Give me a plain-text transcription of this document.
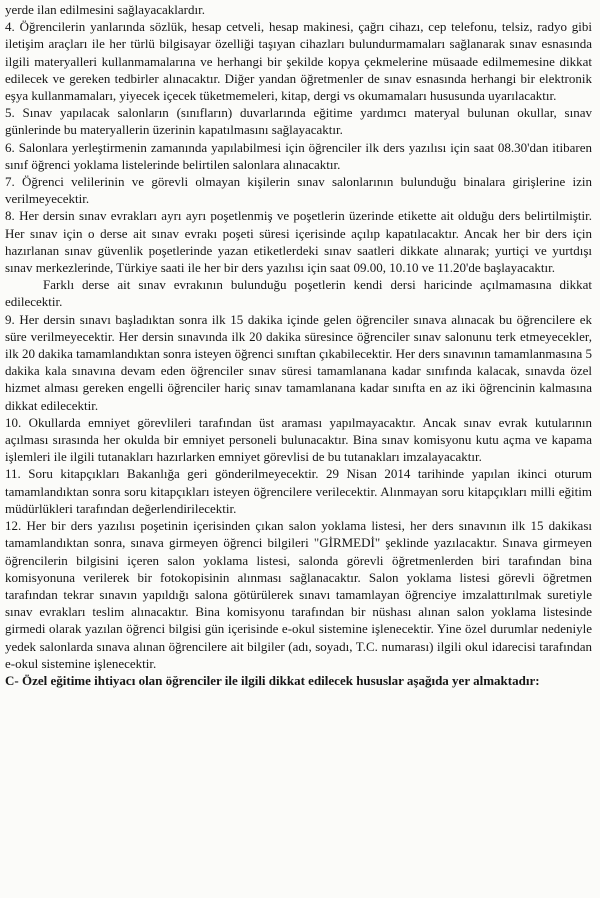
yerde ilan edilmesini sağlayacaklardır.

4. Öğrencilerin yanlarında sözlük, hesap cetveli, hesap makinesi, çağrı cihazı, cep telefonu, telsiz, radyo gibi iletişim araçları ile her türlü bilgisayar özelliği taşıyan cihazları bulundurmamaları sağlanarak sınav esnasında ilgili materyalleri kullanmamalarına ve herhangi bir şekilde kopya çekmelerine müsaade edilmemesine dikkat edilecek ve gereken tedbirler alınacaktır. Diğer yandan öğretmenler de sınav esnasında herhangi bir elektronik eşya kullanmamaları, yiyecek içecek tüketmemeleri, kitap, dergi vs okumamaları hususunda uyarılacaktır.

5. Sınav yapılacak salonların (sınıfların) duvarlarında eğitime yardımcı materyal bulunan okullar, sınav günlerinde bu materyallerin üzerinin kapatılmasını sağlayacaktır.

6. Salonlara yerleştirmenin zamanında yapılabilmesi için öğrenciler ilk ders yazılısı için saat 08.30'dan itibaren sınıf öğrenci yoklama listelerinde belirtilen salonlara alınacaktır.

7. Öğrenci velilerinin ve görevli olmayan kişilerin sınav salonlarının bulunduğu binalara girişlerine izin verilmeyecektir.

8. Her dersin sınav evrakları ayrı ayrı poşetlenmiş ve poşetlerin üzerinde etikette ait olduğu ders belirtilmiştir. Her sınav için o derse ait sınav evrakı poşeti süresi içerisinde açılıp kapatılacaktır. Ancak her bir ders için hazırlanan sınav güvenlik poşetlerinde yazan etiketlerdeki sınav saatleri dikkate alınarak; yurtiçi ve yurtdışı sınav merkezlerinde, Türkiye saati ile her bir ders yazılısı için saat 09.00, 10.10 ve 11.20'de başlayacaktır.

Farklı derse ait sınav evrakının bulunduğu poşetlerin kendi dersi haricinde açılmamasına dikkat edilecektir.

9. Her dersin sınavı başladıktan sonra ilk 15 dakika içinde gelen öğrenciler sınava alınacak bu öğrencilere ek süre verilmeyecektir. Her dersin sınavında ilk 20 dakika süresince öğrenciler sınav salonunu terk etmeyecekler, ilk 20 dakika tamamlandıktan sonra isteyen öğrenci sınıftan çıkabilecektir. Her ders sınavının tamamlanmasına 5 dakika kala sınavına devam eden öğrenciler sınav süresi tamamlanana kadar sınıfında kalacak, sınavda özel hizmet alması gereken engelli öğrenciler hariç sınav tamamlanana kadar sınıfta en az iki öğrencinin kalmasına dikkat edilecektir.

10. Okullarda emniyet görevlileri tarafından üst araması yapılmayacaktır. Ancak sınav evrak kutularının açılması sırasında her okulda bir emniyet personeli bulunacaktır. Bina sınav komisyonu kutu açma ve kapama işlemleri ile ilgili tutanakları hazırlarken emniyet görevlisi de bu tutanakları imzalayacaktır.

11. Soru kitapçıkları Bakanlığa geri gönderilmeyecektir. 29 Nisan 2014 tarihinde yapılan ikinci oturum tamamlandıktan sonra soru kitapçıkları isteyen öğrencilere verilecektir. Alınmayan soru kitapçıkları milli eğitim müdürlükleri tarafından değerlendirilecektir.

12. Her bir ders yazılısı poşetinin içerisinden çıkan salon yoklama listesi, her ders sınavının ilk 15 dakikası tamamlandıktan sonra, sınava girmeyen öğrenci bilgileri "GİRMEDİ" şeklinde yazılacaktır. Sınava girmeyen öğrencilerin bilgisini içeren salon yoklama listesi, salonda görevli öğretmenlerden biri tarafından bina komisyonuna verilerek bir fotokopisinin alınması sağlanacaktır. Salon yoklama listesi görevli öğretmen tarafından tekrar sınavın yapıldığı salona götürülerek sınavı tamamlayan öğrenciye imzalattırılmak suretiyle sınav evrakları teslim alınacaktır. Bina komisyonu tarafından bir nüshası alınan salon yoklama listesinde girmedi olarak yazılan öğrenci bilgisi gün içerisinde e-okul sistemine işlenecektir. Yine özel durumlar nedeniyle yedek salonlarda sınava alınan öğrencilere ait bilgiler (adı, soyadı, T.C. numarası) ilgili okul idarecisi tarafından e-okul sistemine işlenecektir.

C- Özel eğitime ihtiyacı olan öğrenciler ile ilgili dikkat edilecek hususlar aşağıda yer almaktadır:
